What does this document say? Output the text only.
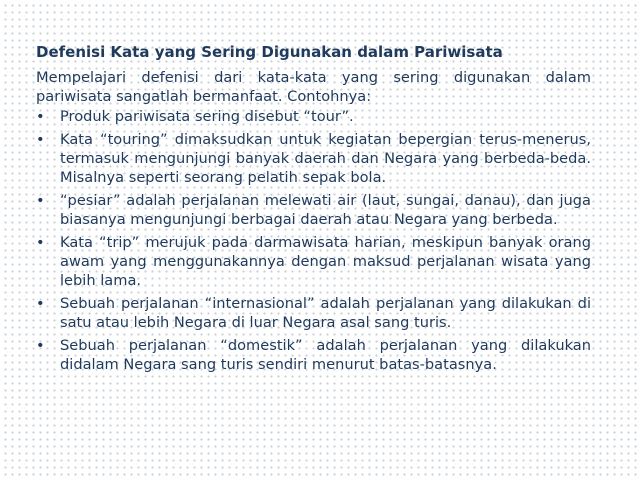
Defenisi Kata yang Sering Digunakan dalam Pariwisata
Mempelajari defenisi dari kata-kata yang sering digunakan dalam pariwisata sangatlah bermanfaat. Contohnya:
•	Produk pariwisata sering disebut “tour”.
•	Kata “touring” dimaksudkan untuk kegiatan bepergian terus-menerus, termasuk mengunjungi banyak daerah dan Negara yang berbeda-beda. Misalnya seperti seorang pelatih sepak bola.
•	“pesiar” adalah perjalanan melewati air (laut, sungai, danau), dan juga biasanya mengunjungi berbagai daerah atau Negara yang berbeda.
•	Kata “trip” merujuk pada darmawisata harian, meskipun banyak orang awam yang menggunakannya dengan maksud perjalanan wisata yang lebih lama.
•	Sebuah perjalanan “internasional” adalah perjalanan yang dilakukan di satu atau lebih Negara di luar Negara asal sang turis.
•	Sebuah perjalanan “domestik” adalah perjalanan yang dilakukan didalam Negara sang turis sendiri menurut batas-batasnya.
